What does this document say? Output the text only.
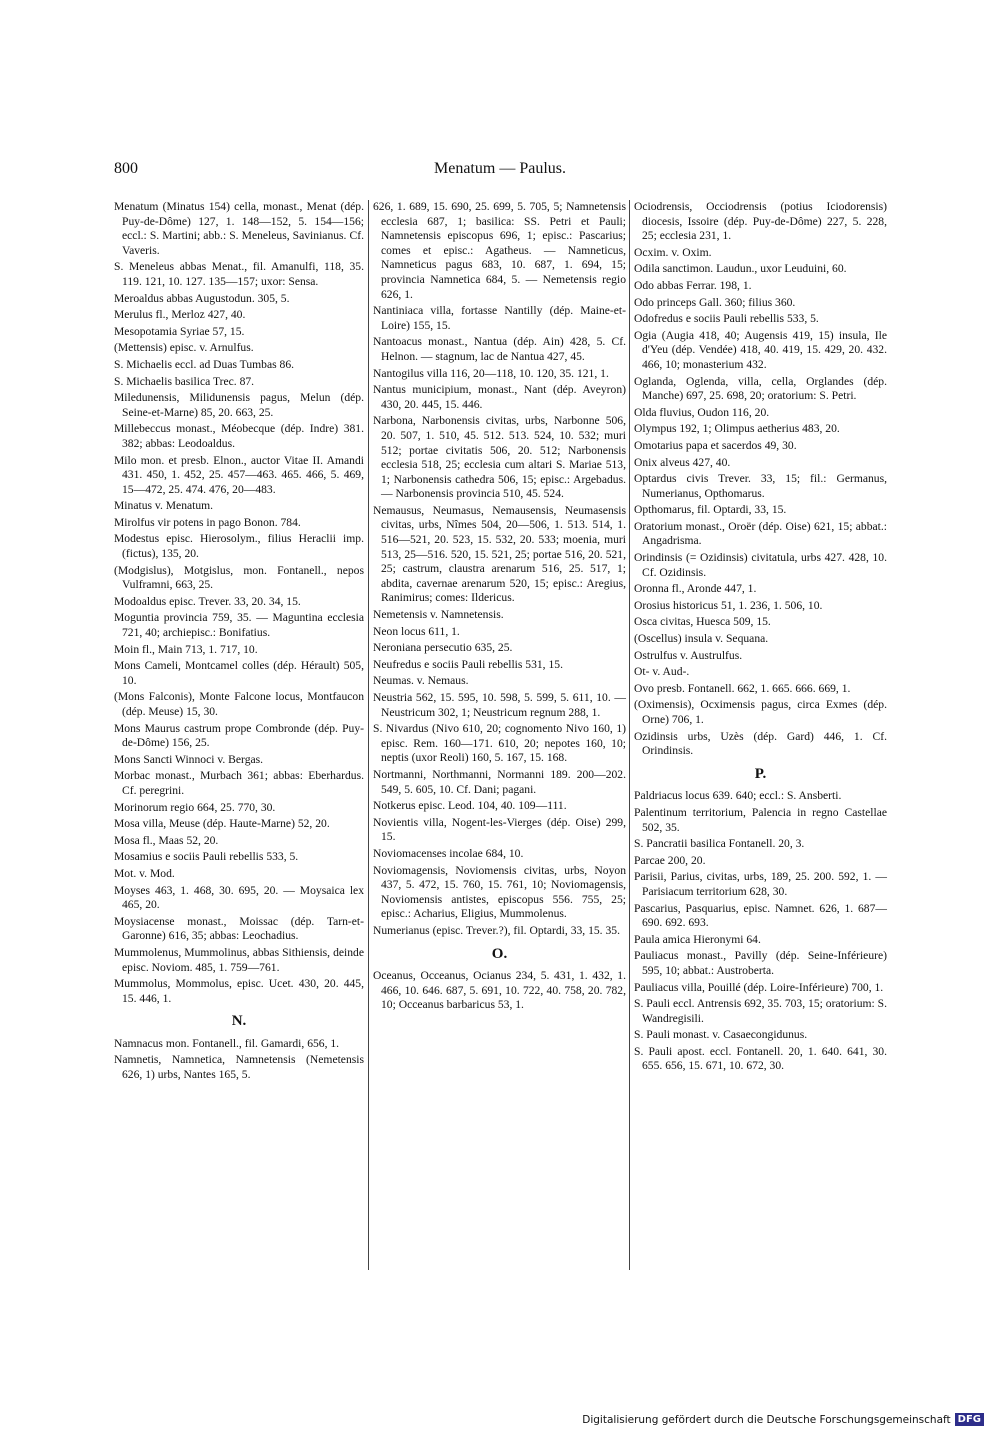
800	Menatum — Paulus.
Menatum (Minatus 154) cella, monast., Menat (dép. Puy-de-Dôme) 127, 1. 148—152, 5. 154—156; eccl.: S. Martini; abb.: S. Meneleus, Savinianus. Cf. Vaveris.
S. Meneleus abbas Menat., fil. Amanulfi, 118, 35. 119. 121, 10. 127. 135—157; uxor: Sensa.
Meroaldus abbas Augustodun. 305, 5.
Merulus fl., Merloz 427, 40.
Mesopotamia Syriae 57, 15.
(Mettensis) episc. v. Arnulfus.
S. Michaelis eccl. ad Duas Tumbas 86.
S. Michaelis basilica Trec. 87.
Miledunensis, Milidunensis pagus, Melun (dép. Seine-et-Marne) 85, 20. 663, 25.
Millebeccus monast., Méobecque (dép. Indre) 381. 382; abbas: Leodoaldus.
Milo mon. et presb. Elnon., auctor Vitae II. Amandi 431. 450, 1. 452, 25. 457—463. 465. 466, 5. 469, 15—472, 25. 474. 476, 20—483.
Minatus v. Menatum.
Mirolfus vir potens in pago Bonon. 784.
Modestus episc. Hierosolym., filius Heraclii imp. (fictus), 135, 20.
(Modgislus), Motgislus, mon. Fontanell., nepos Vulframni, 663, 25.
Modoaldus episc. Trever. 33, 20. 34, 15.
Moguntia provincia 759, 35. — Maguntina ecclesia 721, 40; archiepisc.: Bonifatius.
Moin fl., Main 713, 1. 717, 10.
Mons Cameli, Montcamel colles (dép. Hérault) 505, 10.
(Mons Falconis), Monte Falcone locus, Montfaucon (dép. Meuse) 15, 30.
Mons Maurus castrum prope Combronde (dép. Puy-de-Dôme) 156, 25.
Mons Sancti Winnoci v. Bergas.
Morbac monast., Murbach 361; abbas: Eberhardus. Cf. peregrini.
Morinorum regio 664, 25. 770, 30.
Mosa villa, Meuse (dép. Haute-Marne) 52, 20.
Mosa fl., Maas 52, 20.
Mosamius e sociis Pauli rebellis 533, 5.
Mot. v. Mod.
Moyses 463, 1. 468, 30. 695, 20. — Moysaica lex 465, 20.
Moysiacense monast., Moissac (dép. Tarn-et-Garonne) 616, 35; abbas: Leochadius.
Mummolenus, Mummolinus, abbas Sithiensis, deinde episc. Noviom. 485, 1. 759—761.
Mummolus, Mommolus, episc. Ucet. 430, 20. 445, 15. 446, 1.
N.
Namnacus mon. Fontanell., fil. Gamardi, 656, 1.
Namnetis, Namnetica, Namnetensis (Nemetensis 626, 1) urbs, Nantes 165, 5.
626, 1. 689, 15. 690, 25. 699, 5. 705, 5; Namnetensis ecclesia 687, 1; basilica: SS. Petri et Pauli; Namnetensis episcopus 696, 1; episc.: Pascarius; comes et episc.: Agatheus. — Namneticus, Namneticus pagus 683, 10. 687, 1. 694, 15; provincia Namnetica 684, 5. — Nemetensis regio 626, 1.
Nantiniaca villa, fortasse Nantilly (dép. Maine-et-Loire) 155, 15.
Nantoacus monast., Nantua (dép. Ain) 428, 5. Cf. Helnon. — stagnum, lac de Nantua 427, 45.
Nantogilus villa 116, 20—118, 10. 120, 35. 121, 1.
Nantus municipium, monast., Nant (dép. Aveyron) 430, 20. 445, 15. 446.
Narbona, Narbonensis civitas, urbs, Narbonne 506, 20. 507, 1. 510, 45. 512. 513. 524, 10. 532; muri 512; portae civitatis 506, 20. 512; Narbonensis ecclesia 518, 25; ecclesia cum altari S. Mariae 513, 1; Narbonensis cathedra 506, 15; episc.: Argebadus. — Narbonensis provincia 510, 45. 524.
Nemausus, Neumasus, Nemausensis, Neumasensis civitas, urbs, Nîmes 504, 20—506, 1. 513. 514, 1. 516—521, 20. 523, 15. 532, 20. 533; moenia, muri 513, 25—516. 520, 15. 521, 25; portae 516, 20. 521, 25; castrum, claustra arenarum 516, 25. 517, 1; abdita, cavernae arenarum 520, 15; episc.: Aregius, Ranimirus; comes: Ildericus.
Nemetensis v. Namnetensis.
Neon locus 611, 1.
Neroniana persecutio 635, 25.
Neufredus e sociis Pauli rebellis 531, 15.
Neumas. v. Nemaus.
Neustria 562, 15. 595, 10. 598, 5. 599, 5. 611, 10. — Neustricum 302, 1; Neustricum regnum 288, 1.
S. Nivardus (Nivo 610, 20; cognomento Nivo 160, 1) episc. Rem. 160—171. 610, 20; nepotes 160, 10; neptis (uxor Reoli) 160, 5. 167, 15. 168.
Nortmanni, Northmanni, Normanni 189. 200—202. 549, 5. 605, 10. Cf. Dani; pagani.
Notkerus episc. Leod. 104, 40. 109—111.
Novientis villa, Nogent-les-Vierges (dép. Oise) 299, 15.
Noviomacenses incolae 684, 10.
Noviomagensis, Noviomensis civitas, urbs, Noyon 437, 5. 472, 15. 760, 15. 761, 10; Noviomagensis, Noviomensis antistes, episcopus 556. 755, 25; episc.: Acharius, Eligius, Mummolenus.
Numerianus (episc. Trever.?), fil. Optardi, 33, 15. 35.
O.
Oceanus, Occeanus, Ocianus 234, 5. 431, 1. 432, 1. 466, 10. 646. 687, 5. 691, 10. 722, 40. 758, 20. 782, 10; Occeanus barbaricus 53, 1.
Ociodrensis, Occiodrensis (potius Iciodorensis) diocesis, Issoire (dép. Puy-de-Dôme) 227, 5. 228, 25; ecclesia 231, 1.
Ocxim. v. Oxim.
Odila sanctimon. Laudun., uxor Leuduini, 60.
Odo abbas Ferrar. 198, 1.
Odo princeps Gall. 360; filius 360.
Odofredus e sociis Pauli rebellis 533, 5.
Ogia (Augia 418, 40; Augensis 419, 15) insula, Ile d'Yeu (dép. Vendée) 418, 40. 419, 15. 429, 20. 432. 466, 10; monasterium 432.
Oglanda, Oglenda, villa, cella, Orglandes (dép. Manche) 697, 25. 698, 20; oratorium: S. Petri.
Olda fluvius, Oudon 116, 20.
Olympus 192, 1; Olimpus aetherius 483, 20.
Omotarius papa et sacerdos 49, 30.
Onix alveus 427, 40.
Optardus civis Trever. 33, 15; fil.: Germanus, Numerianus, Opthomarus.
Opthomarus, fil. Optardi, 33, 15.
Oratorium monast., Oroër (dép. Oise) 621, 15; abbat.: Angadrisma.
Orindinsis (= Ozidinsis) civitatula, urbs 427. 428, 10. Cf. Ozidinsis.
Oronna fl., Aronde 447, 1.
Orosius historicus 51, 1. 236, 1. 506, 10.
Osca civitas, Huesca 509, 15.
(Oscellus) insula v. Sequana.
Ostrulfus v. Austrulfus.
Ot- v. Aud-.
Ovo presb. Fontanell. 662, 1. 665. 666. 669, 1.
(Oximensis), Ocximensis pagus, circa Exmes (dép. Orne) 706, 1.
Ozidinsis urbs, Uzès (dép. Gard) 446, 1. Cf. Orindinsis.
P.
Paldriacus locus 639. 640; eccl.: S. Ansberti.
Palentinum territorium, Palencia in regno Castellae 502, 35.
S. Pancratii basilica Fontanell. 20, 3.
Parcae 200, 20.
Parisii, Parius, civitas, urbs, 189, 25. 200. 592, 1. — Parisiacum territorium 628, 30.
Pascarius, Pasquarius, episc. Namnet. 626, 1. 687—690. 692. 693.
Paula amica Hieronymi 64.
Pauliacus monast., Pavilly (dép. Seine-Inférieure) 595, 10; abbat.: Austroberta.
Pauliacus villa, Pouillé (dép. Loire-Inférieure) 700, 1.
S. Pauli eccl. Antrensis 692, 35. 703, 15; oratorium: S. Wandregisili.
S. Pauli monast. v. Casaecongidunus.
S. Pauli apost. eccl. Fontanell. 20, 1. 640. 641, 30. 655. 656, 15. 671, 10. 672, 30.
Digitalisierung gefördert durch die Deutsche Forschungsgemeinschaft DFG
